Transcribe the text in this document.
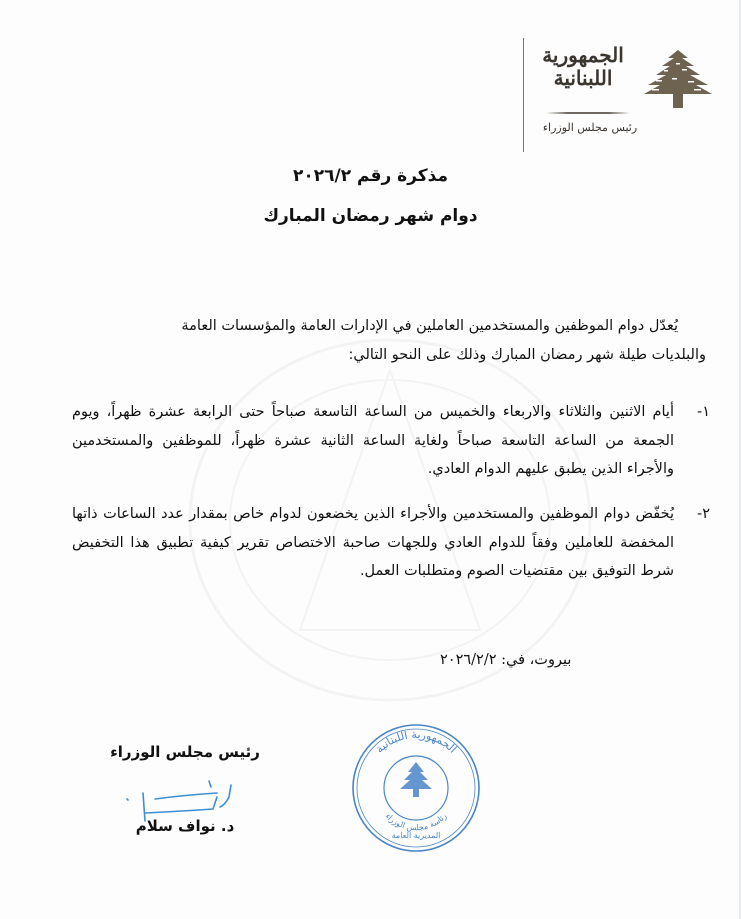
الجمهورية
اللبنانية
رئيس مجلس الوزراء
مذكرة رقم ٢٠٢٦/٢
دوام شهر رمضان المبارك

يُعدّل دوام الموظفين والمستخدمين العاملين في الإدارات العامة والمؤسسات العامة

والبلديات طيلة شهر رمضان المبارك وذلك على النحو التالي:

١-

أيام الاثنين والثلاثاء والاربعاء والخميس من الساعة التاسعة صباحاً حتى الرابعة عشرة ظهراً، ويوم الجمعة من الساعة التاسعة صباحاً ولغاية الساعة الثانية عشرة ظهراً، للموظفين والمستخدمين والأجراء الذين يطبق عليهم الدوام العادي.

٢-

يُخفّض دوام الموظفين والمستخدمين والأجراء الذين يخضعون لدوام خاص بمقدار عدد الساعات ذاتها المخفضة للعاملين وفقاً للدوام العادي وللجهات صاحبة الاختصاص تقرير كيفية تطبيق هذا التخفيض شرط التوفيق بين مقتضيات الصوم ومتطلبات العمل.

بيروت، في: ٢٠٢٦/٢/٢
الجمهورية اللبنانية
رئاسة مجلس الوزراء
المديرية العامة
رئيس مجلس الوزراء
د. نواف سلام
